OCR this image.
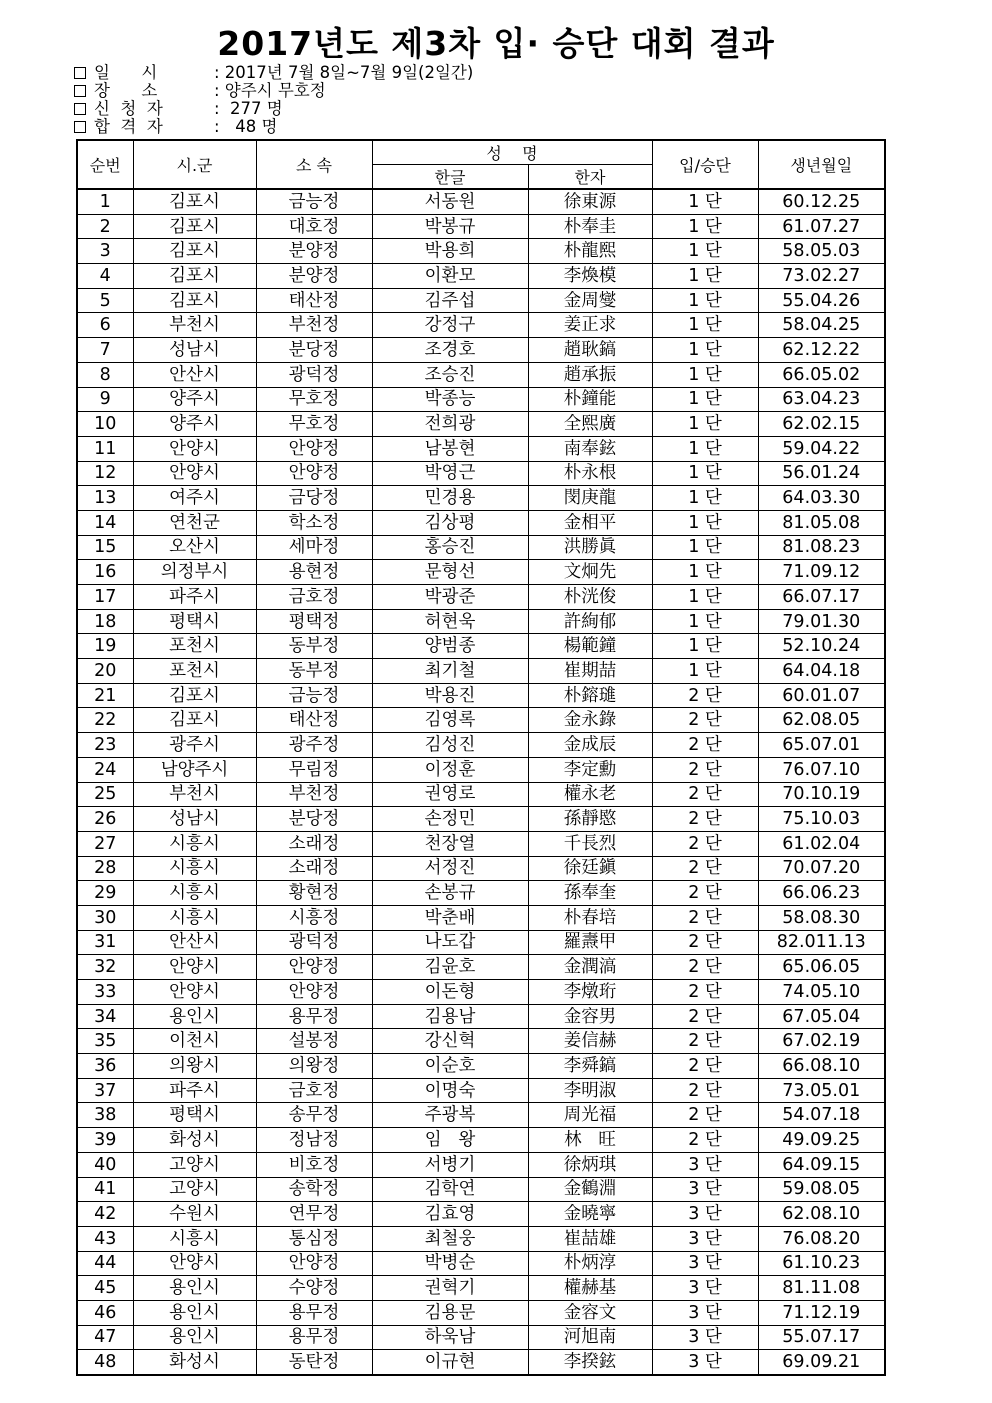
2017년도 제3차 입· 승단 대회 결과
일      시	: 2017년 7월 8일~7월 9일(2일간)
장      소	: 양주시 무호정
신  청  자	:  277 명
합  격  자	:   48 명
순번	시.군	소 속	성    명		입/승단	생년월일
			한글	한자		
1	김포시	금능정	서동원	徐東源	1 단	60.12.25
2	김포시	대호정	박봉규	朴奉圭	1 단	61.07.27
3	김포시	분양정	박용희	朴龍熙	1 단	58.05.03
4	김포시	분양정	이환모	李煥模	1 단	73.02.27
5	김포시	태산정	김주섭	金周燮	1 단	55.04.26
6	부천시	부천정	강정구	姜正求	1 단	58.04.25
7	성남시	분당정	조경호	趙耿鎬	1 단	62.12.22
8	안산시	광덕정	조승진	趙承振	1 단	66.05.02
9	양주시	무호정	박종능	朴鐘能	1 단	63.04.23
10	양주시	무호정	전희광	全熙廣	1 단	62.02.15
11	안양시	안양정	남봉현	南奉鉉	1 단	59.04.22
12	안양시	안양정	박영근	朴永根	1 단	56.01.24
13	여주시	금당정	민경용	閔庚龍	1 단	64.03.30
14	연천군	학소정	김상평	金相平	1 단	81.05.08
15	오산시	세마정	홍승진	洪勝眞	1 단	81.08.23
16	의정부시	용현정	문형선	文炯先	1 단	71.09.12
17	파주시	금호정	박광준	朴洸俊	1 단	66.07.17
18	평택시	평택정	허현욱	許絢郁	1 단	79.01.30
19	포천시	동부정	양범종	楊範鐘	1 단	52.10.24
20	포천시	동부정	최기철	崔期喆	1 단	64.04.18
21	김포시	금능정	박용진	朴鎔璡	2 단	60.01.07
22	김포시	태산정	김영록	金永錄	2 단	62.08.05
23	광주시	광주정	김성진	金成辰	2 단	65.07.01
24	남양주시	무림정	이정훈	李定勳	2 단	76.07.10
25	부천시	부천정	권영로	權永老	2 단	70.10.19
26	성남시	분당정	손정민	孫靜愍	2 단	75.10.03
27	시흥시	소래정	천장열	千長烈	2 단	61.02.04
28	시흥시	소래정	서정진	徐廷鎭	2 단	70.07.20
29	시흥시	황현정	손봉규	孫奉奎	2 단	66.06.23
30	시흥시	시흥정	박춘배	朴春培	2 단	58.08.30
31	안산시	광덕정	나도갑	羅燾甲	2 단	82.011.13
32	안양시	안양정	김윤호	金潤滈	2 단	65.06.05
33	안양시	안양정	이돈형	李燉珩	2 단	74.05.10
34	용인시	용무정	김용남	金容男	2 단	67.05.04
35	이천시	설봉정	강신혁	姜信赫	2 단	67.02.19
36	의왕시	의왕정	이순호	李舜鎬	2 단	66.08.10
37	파주시	금호정	이명숙	李明淑	2 단	73.05.01
38	평택시	송무정	주광복	周光福	2 단	54.07.18
39	화성시	정남정	임   왕	林   旺	2 단	49.09.25
40	고양시	비호정	서병기	徐炳琪	3 단	64.09.15
41	고양시	송학정	김학연	金鶴淵	3 단	59.08.05
42	수원시	연무정	김효영	金曉寧	3 단	62.08.10
43	시흥시	통심정	최철웅	崔喆雄	3 단	76.08.20
44	안양시	안양정	박병순	朴炳淳	3 단	61.10.23
45	용인시	수양정	권혁기	權赫基	3 단	81.11.08
46	용인시	용무정	김용문	金容文	3 단	71.12.19
47	용인시	용무정	하욱남	河旭南	3 단	55.07.17
48	화성시	동탄정	이규현	李揆鉉	3 단	69.09.21
